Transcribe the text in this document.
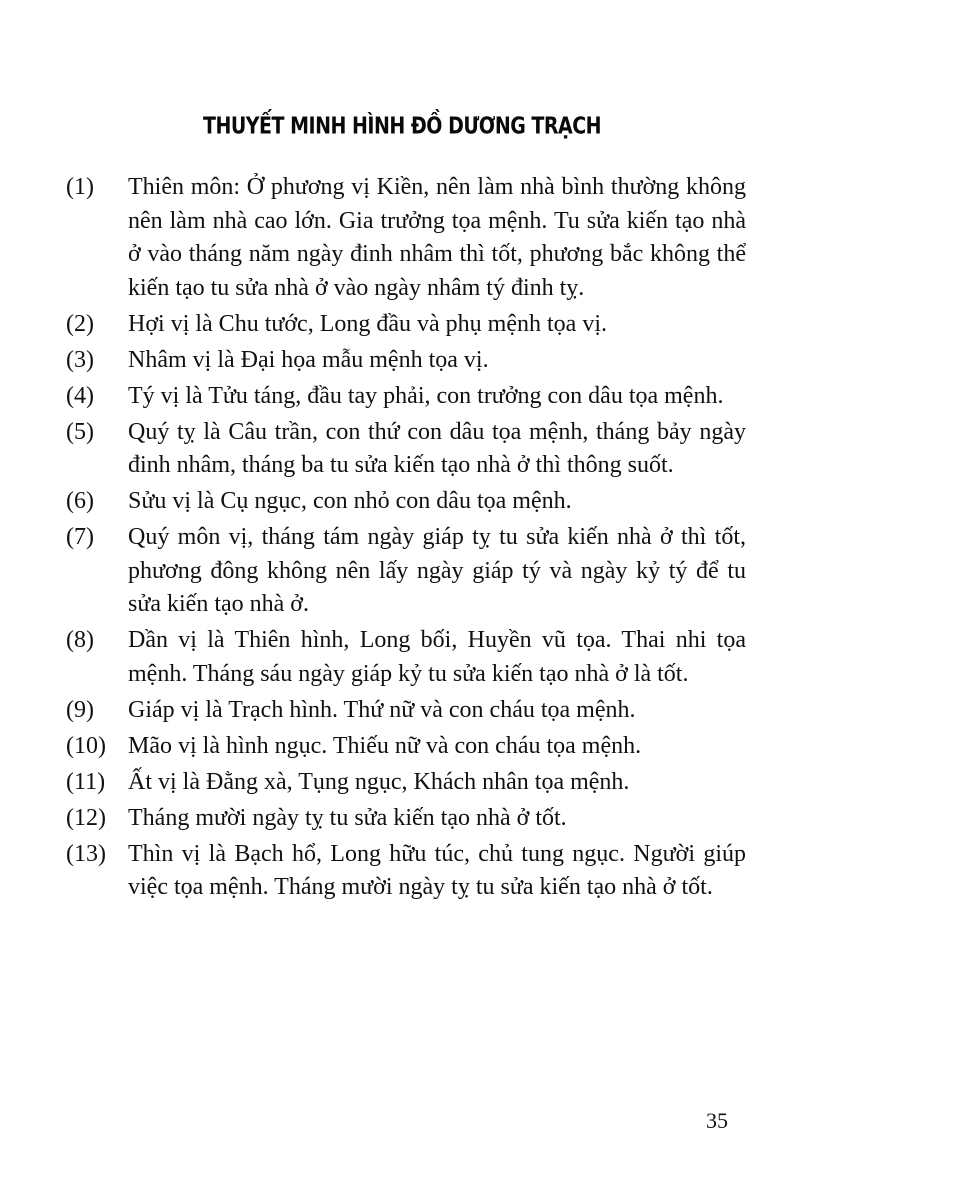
THUYẾT MINH HÌNH ĐỒ DƯƠNG TRẠCH
(1)	Thiên môn: Ở phương vị Kiền, nên làm nhà bình thường không nên làm nhà cao lớn. Gia trưởng tọa mệnh. Tu sửa kiến tạo nhà ở vào tháng năm ngày đinh nhâm thì tốt, phương bắc không thể kiến tạo tu sửa nhà ở vào ngày nhâm tý đinh tỵ.
(2)	Hợi vị là Chu tước, Long đầu và phụ mệnh tọa vị.
(3)	Nhâm vị là Đại họa mẫu mệnh tọa vị.
(4)	Tý vị là Tửu táng, đầu tay phải, con trưởng con dâu tọa mệnh.
(5)	Quý tỵ là Câu trần, con thứ con dâu tọa mệnh, tháng bảy ngày đinh nhâm, tháng ba tu sửa kiến tạo nhà ở thì thông suốt.
(6)	Sửu vị là Cụ ngục, con nhỏ con dâu tọa mệnh.
(7)	Quý môn vị, tháng tám ngày giáp tỵ tu sửa kiến nhà ở thì tốt, phương đông không nên lấy ngày giáp tý và ngày kỷ tý để tu sửa kiến tạo nhà ở.
(8)	Dần vị là Thiên hình, Long bối, Huyền vũ tọa. Thai nhi tọa mệnh. Tháng sáu ngày giáp kỷ tu sửa kiến tạo nhà ở là tốt.
(9)	Giáp vị là Trạch hình. Thứ nữ và con cháu tọa mệnh.
(10) Mão vị là hình ngục. Thiếu nữ và con cháu tọa mệnh.
(11) Ất vị là Đằng xà, Tụng ngục, Khách nhân tọa mệnh.
(12) Tháng mười ngày tỵ tu sửa kiến tạo nhà ở tốt.
(13) Thìn vị là Bạch hổ, Long hữu túc, chủ tung ngục. Người giúp việc tọa mệnh. Tháng mười ngày tỵ tu sửa kiến tạo nhà ở tốt.
35
